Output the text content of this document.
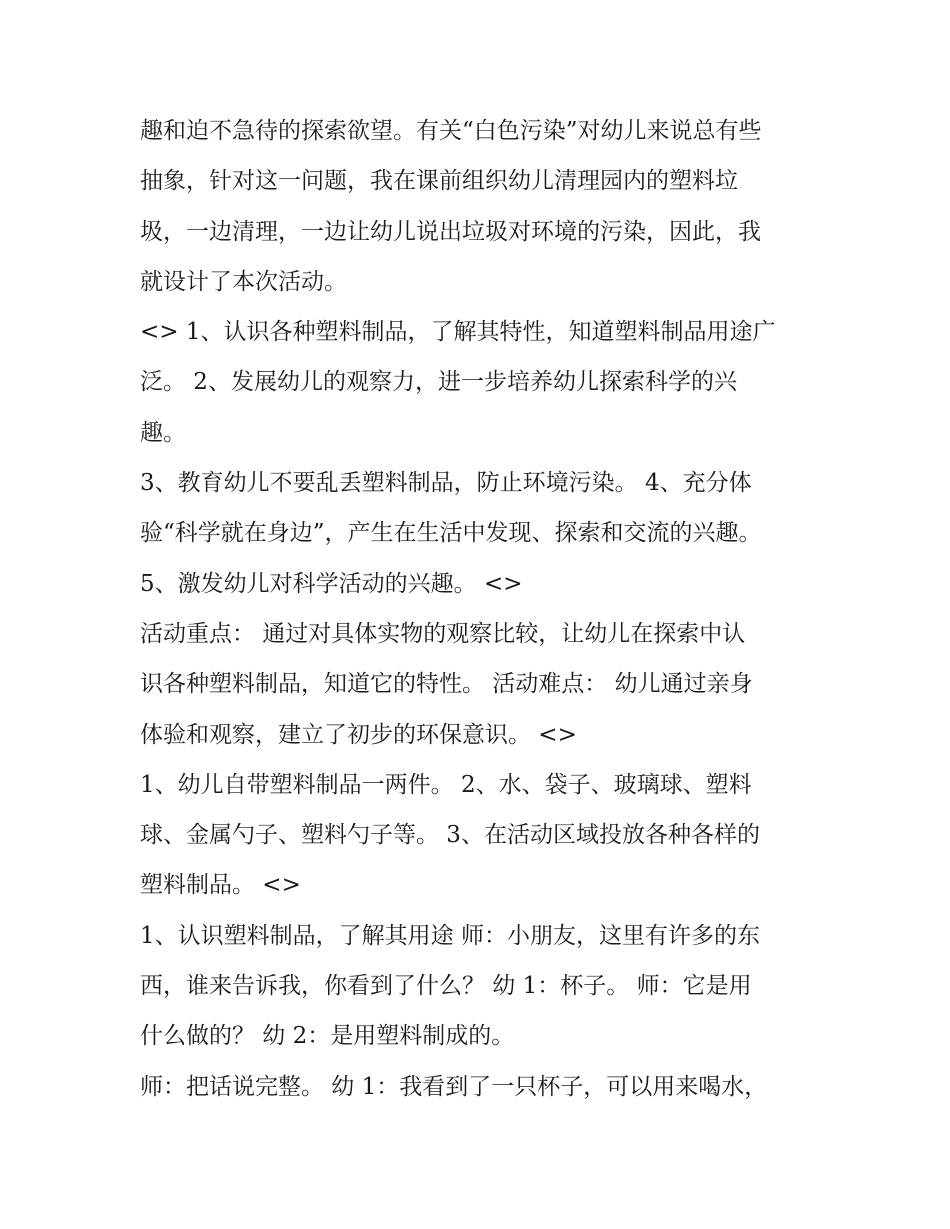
趣和迫不急待的探索欲望。有关“白色污染”对幼儿来说总有些
抽象，针对这一问题，我在课前组织幼儿清理园内的塑料垃
圾，一边清理，一边让幼儿说出垃圾对环境的污染，因此，我
就设计了本次活动。
<> 1、认识各种塑料制品，了解其特性，知道塑料制品用途广
泛。 2、发展幼儿的观察力，进一步培养幼儿探索科学的兴
趣。
3、教育幼儿不要乱丢塑料制品，防止环境污染。 4、充分体
验“科学就在身边”，产生在生活中发现、探索和交流的兴趣。
5、激发幼儿对科学活动的兴趣。 <>
活动重点： 通过对具体实物的观察比较，让幼儿在探索中认
识各种塑料制品，知道它的特性。 活动难点： 幼儿通过亲身
体验和观察，建立了初步的环保意识。 <>
1、幼儿自带塑料制品一两件。 2、水、袋子、玻璃球、塑料
球、金属勺子、塑料勺子等。 3、在活动区域投放各种各样的
塑料制品。 <>
1、认识塑料制品，了解其用途 师：小朋友，这里有许多的东
西，谁来告诉我，你看到了什么？ 幼 1：杯子。 师：它是用
什么做的？ 幼 2：是用塑料制成的。
师：把话说完整。 幼 1：我看到了一只杯子，可以用来喝水，
